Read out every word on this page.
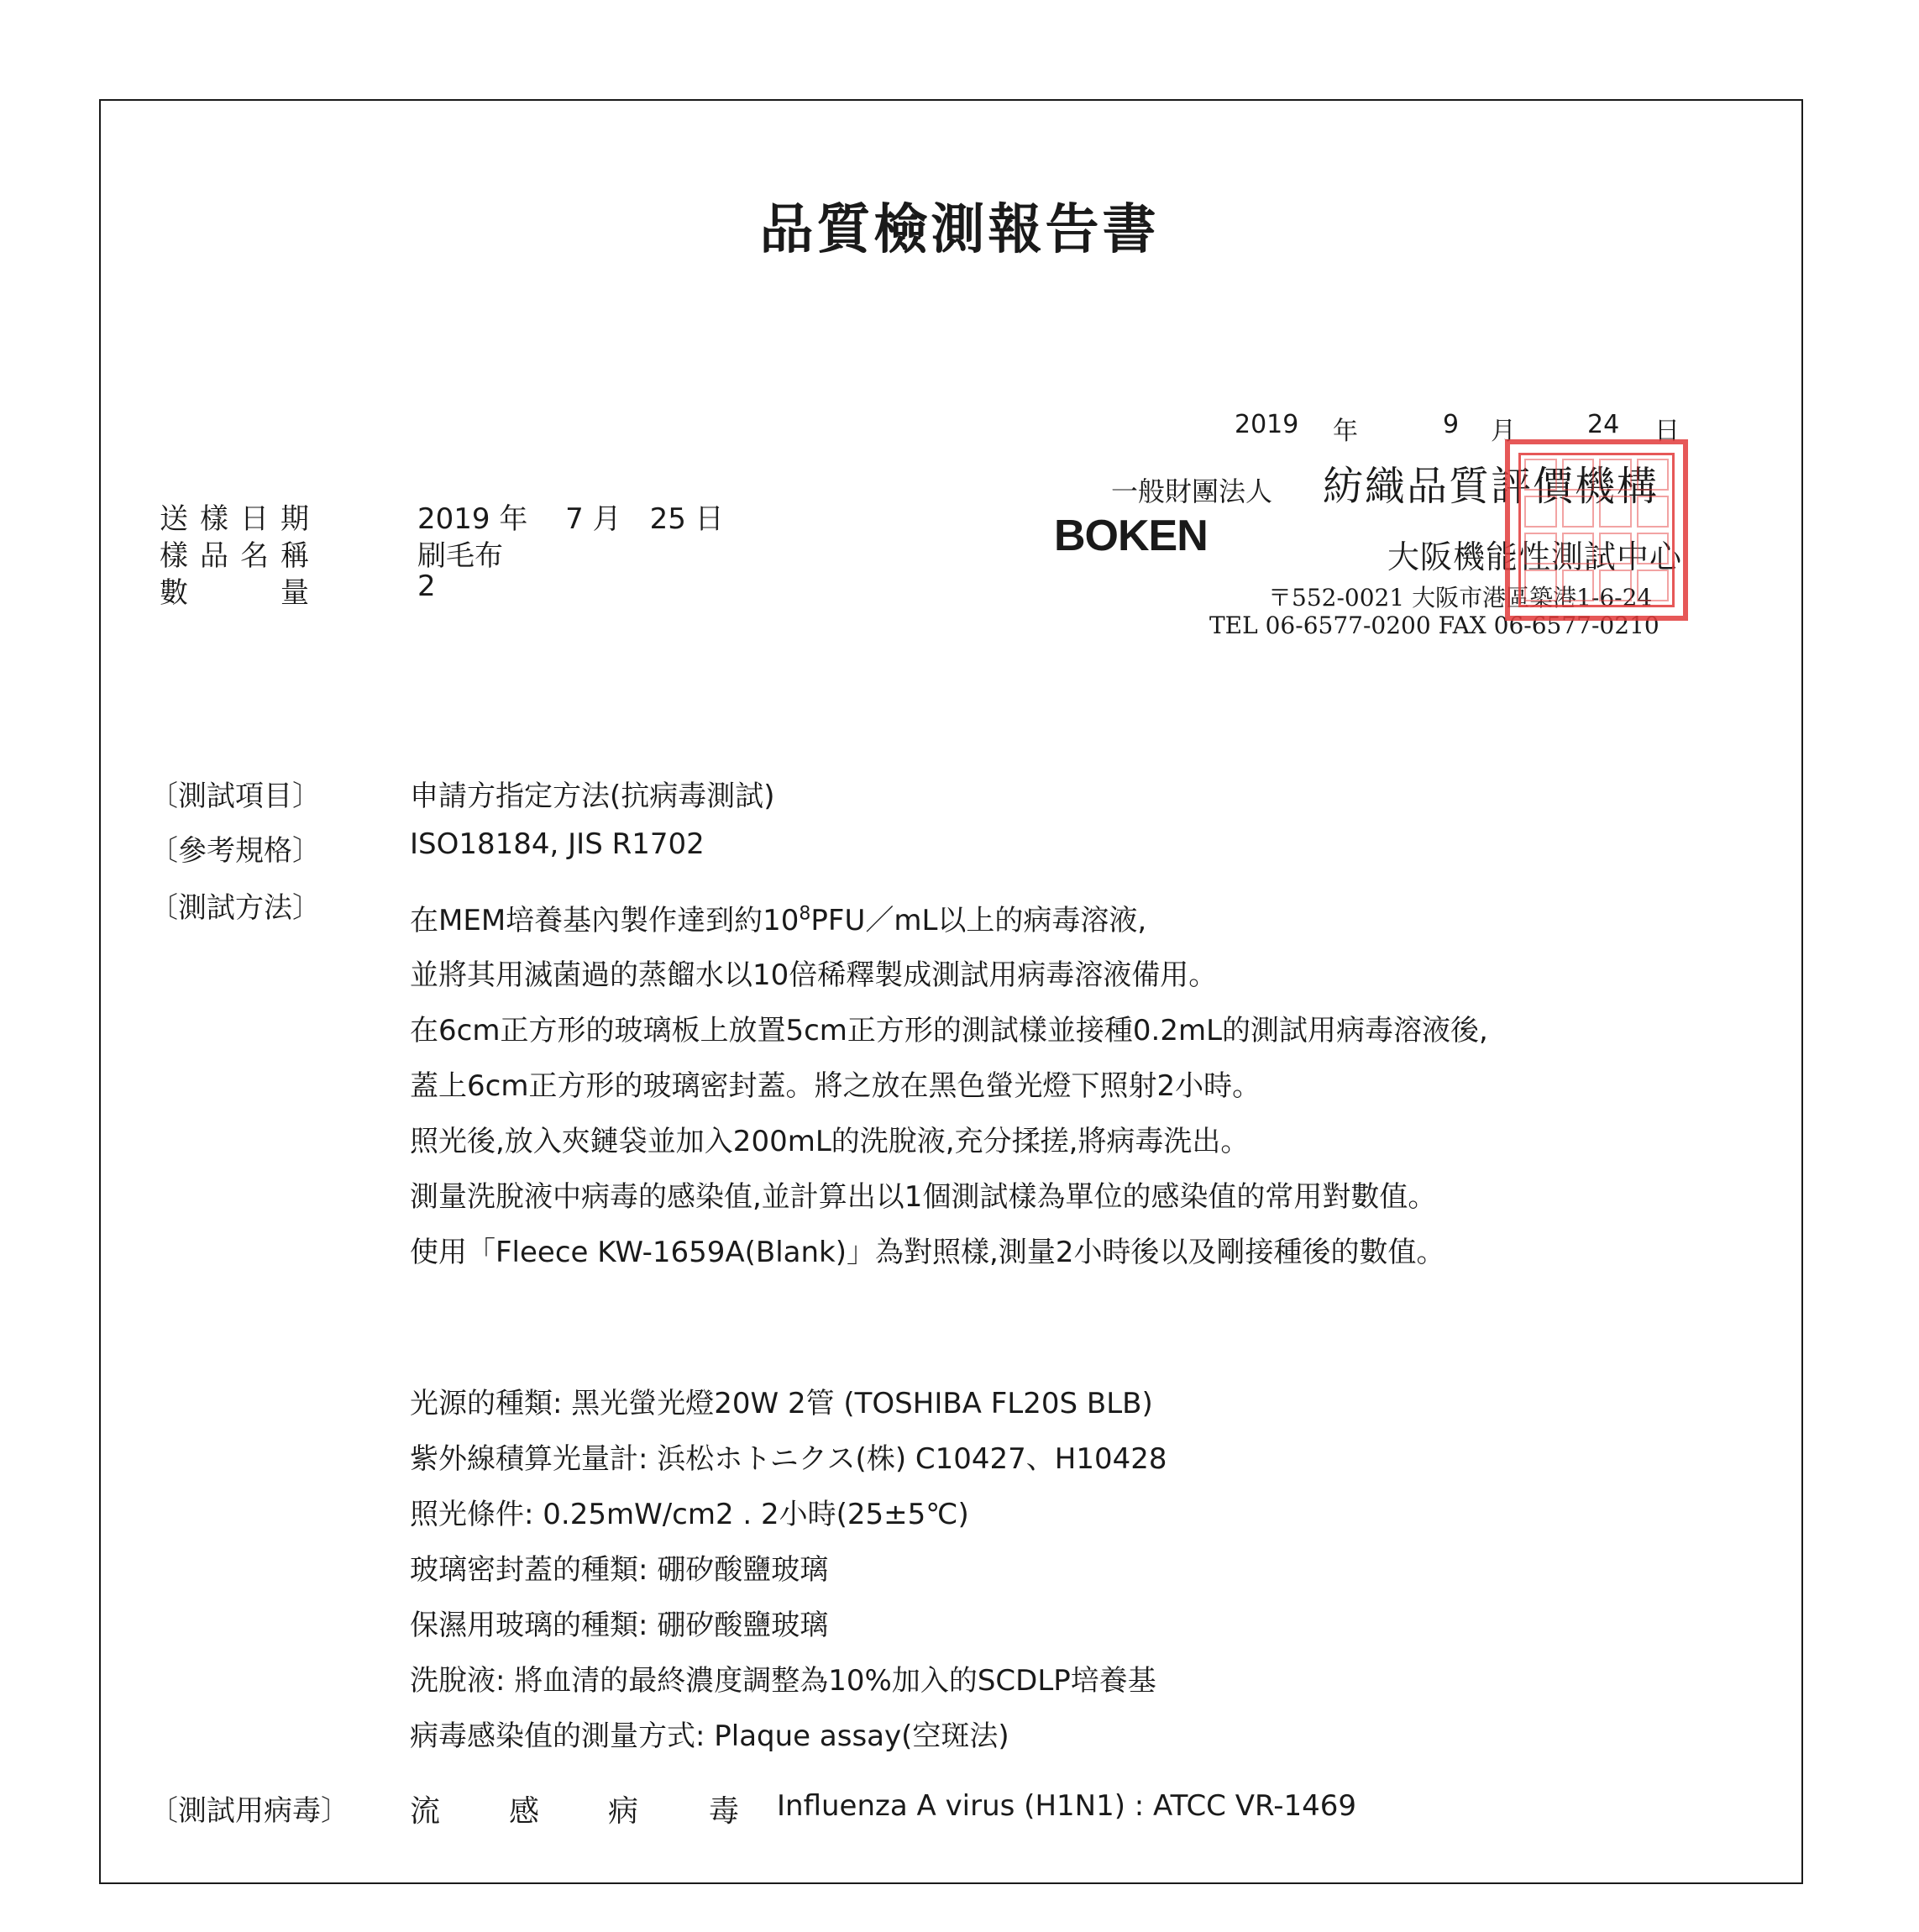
品質檢測報告書
2019 年	9 月	24 日
一般財團法人 紡織品質評價機構
BOKEN	大阪機能性測試中心
〒552-0021 大阪市港區築港1-6-24
TEL 06-6577-0200 FAX 06-6577-0210
送樣日期	2019 年　 7 月　25 日
樣品名稱	刷毛布
數　　量	2
〔測試項目〕	申請方指定方法(抗病毒測試)
〔參考規格〕	ISO18184, JIS R1702
〔測試方法〕	在MEM培養基內製作達到約$10^8PFU/mL$以上的病毒溶液,
並將其用滅菌過的蒸餾水以10倍稀釋製成測試用病毒溶液備用。
在6cm正方形的玻璃板上放置5cm正方形的測試樣並接種0.2mL的測試用病毒溶液後,
蓋上6cm正方形的玻璃密封蓋。將之放在黑色螢光燈下照射2小時。
照光後,放入夾鏈袋並加入200mL的洗脫液,充分揉搓,將病毒洗出。
測量洗脫液中病毒的感染值,並計算出以1個測試樣為單位的感染值的常用對數值。
使用「Fleece KW-1659A(Blank)」為對照樣,測量2小時後以及剛接種後的數值。
光源的種類: 黑光螢光燈20W 2管 (TOSHIBA FL20S BLB)
紫外線積算光量計: 浜松ホトニクス(株) C10427、H10428
照光條件: 0.25mW/cm2 . 2小時(25±5℃)
玻璃密封蓋的種類: 硼矽酸鹽玻璃
保濕用玻璃的種類: 硼矽酸鹽玻璃
洗脫液: 將血清的最終濃度調整為10%加入的SCDLP培養基
病毒感染值的測量方式: Plaque assay(空斑法)
〔測試用病毒〕 流 感 病 毒 Influenza A virus (H1N1) : ATCC VR-1469
